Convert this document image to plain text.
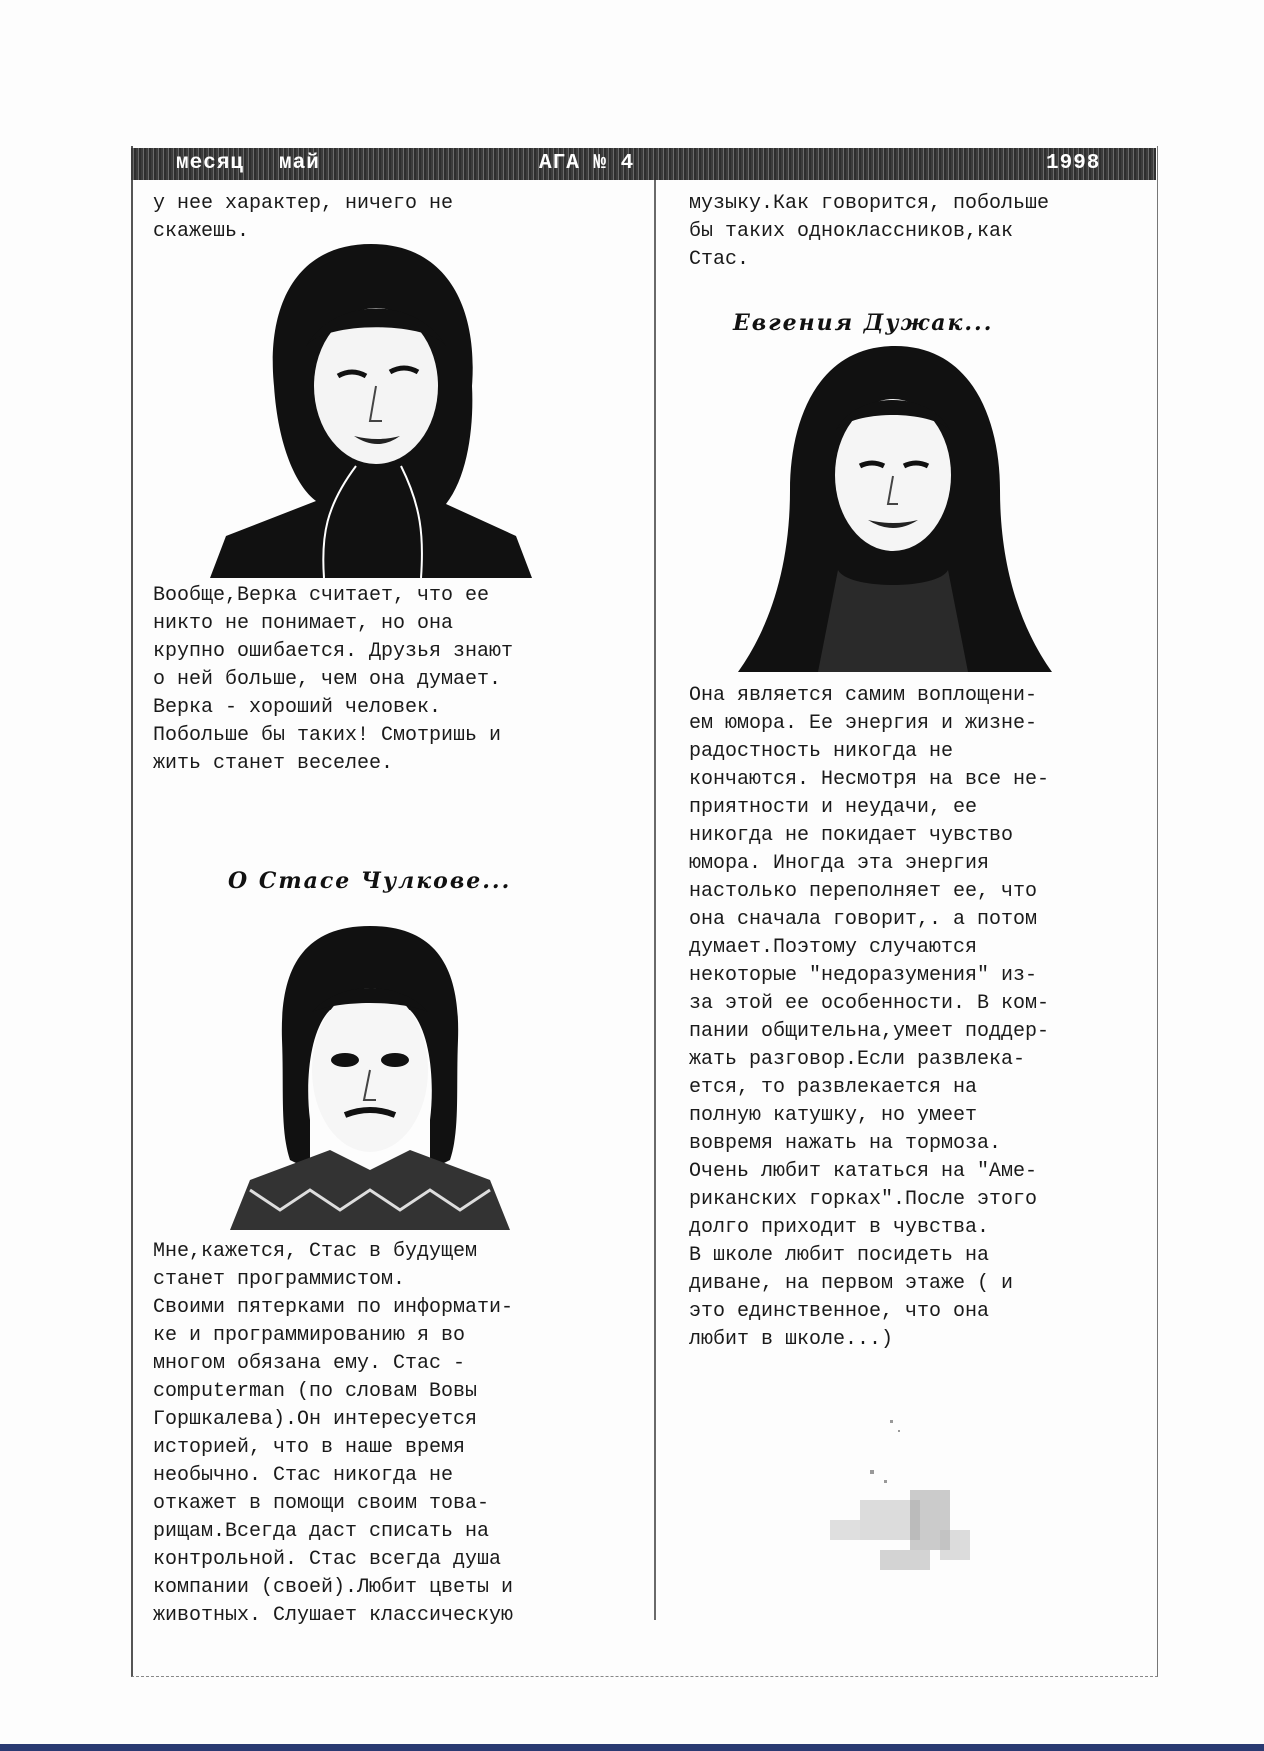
месяц май	АГА № 4	1998

у нее характер, ничего не
скажешь.

Вообще,Верка считает, что ее
никто не понимает, но она
крупно ошибается. Друзья знают
о ней больше, чем она думает.
Верка - хороший человек.
Побольше бы таких! Смотришь и
жить станет веселее.

О Стасе Чулкове...

Мне,кажется, Стас в будущем
станет программистом.
Своими пятерками по информати-
ке и программированию я во
многом обязана ему. Стас -
computerman (по словам Вовы
Горшкалева).Он интересуется
историей, что в наше время
необычно. Стас никогда не
откажет в помощи своим това-
рищам.Всегда даст списать на
контрольной. Стас всегда душа
компании (своей).Любит цветы и
животных. Слушает классическую

музыку.Как говорится, побольше
бы таких одноклассников,как
Стас.

Евгения Дужак...

Она является самим воплощени-
ем юмора. Ее энергия и жизне-
радостность никогда не
кончаются. Несмотря на все не-
приятности и неудачи, ее
никогда не покидает чувство
юмора. Иногда эта энергия
настолько переполняет ее, что
она сначала говорит,. а потом
думает.Поэтому случаются
некоторые "недоразумения" из-
за этой ее особенности. В ком-
пании общительна,умеет поддер-
жать разговор.Если развлека-
ется, то развлекается на
полную катушку, но умеет
вовремя нажать на тормоза.
Очень любит кататься на "Аме-
риканских горках".После этого
долго приходит в чувства.
В школе любит посидеть на
диване, на первом этаже ( и
это единственное, что она
любит в школе...)
